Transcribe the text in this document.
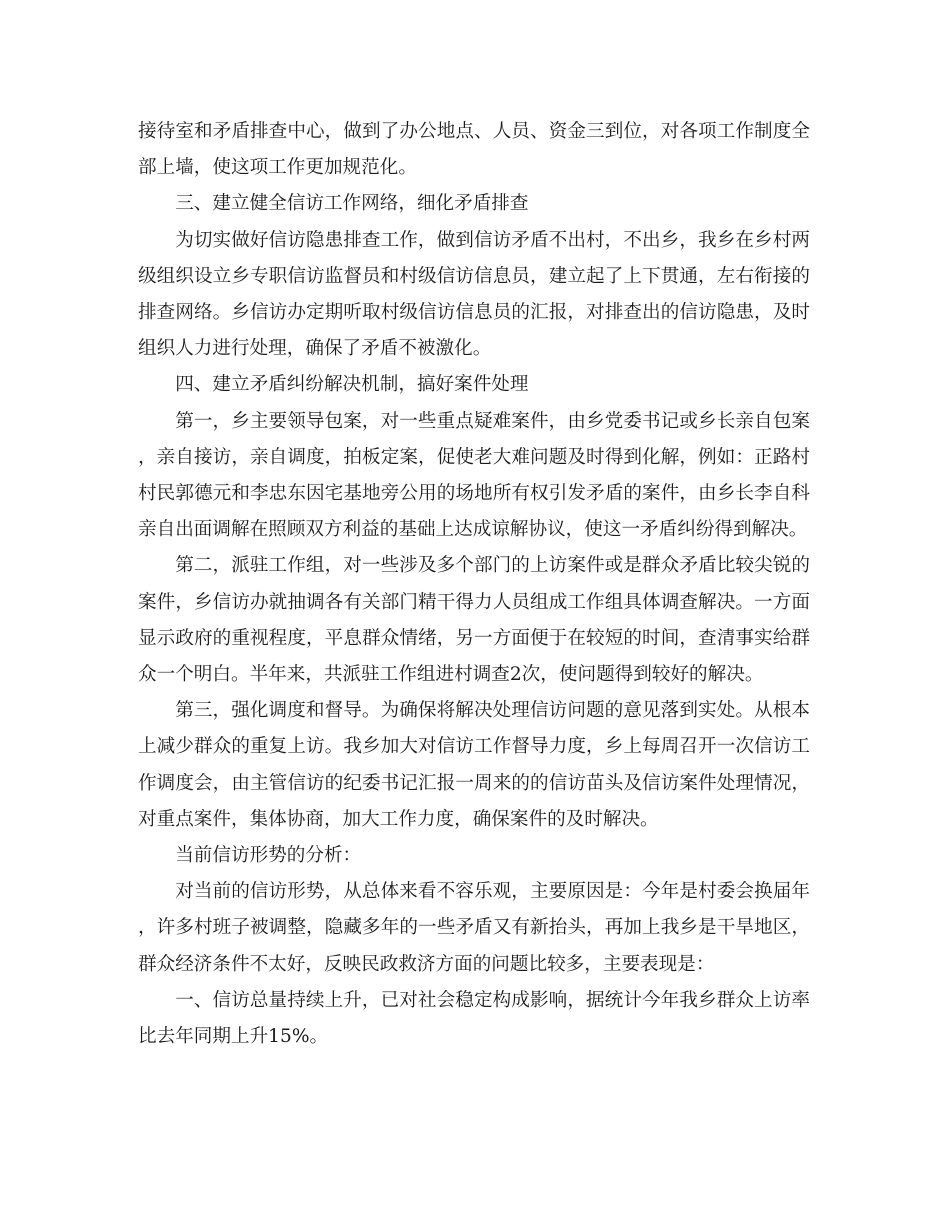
接待室和矛盾排查中心，做到了办公地点、人员、资金三到位，对各项工作制度全部上墙，使这项工作更加规范化。

三、建立健全信访工作网络，细化矛盾排查

为切实做好信访隐患排查工作，做到信访矛盾不出村，不出乡，我乡在乡村两级组织设立乡专职信访监督员和村级信访信息员，建立起了上下贯通，左右衔接的排查网络。乡信访办定期听取村级信访信息员的汇报，对排查出的信访隐患，及时组织人力进行处理，确保了矛盾不被激化。

四、建立矛盾纠纷解决机制，搞好案件处理

第一，乡主要领导包案，对一些重点疑难案件，由乡党委书记或乡长亲自包案，亲自接访，亲自调度，拍板定案，促使老大难问题及时得到化解，例如：正路村村民郭德元和李忠东因宅基地旁公用的场地所有权引发矛盾的案件，由乡长李自科亲自出面调解在照顾双方利益的基础上达成谅解协议，使这一矛盾纠纷得到解决。

第二，派驻工作组，对一些涉及多个部门的上访案件或是群众矛盾比较尖锐的案件，乡信访办就抽调各有关部门精干得力人员组成工作组具体调查解决。一方面显示政府的重视程度，平息群众情绪，另一方面便于在较短的时间，查清事实给群众一个明白。半年来，共派驻工作组进村调查2次，使问题得到较好的解决。

第三，强化调度和督导。为确保将解决处理信访问题的意见落到实处。从根本上减少群众的重复上访。我乡加大对信访工作督导力度，乡上每周召开一次信访工作调度会，由主管信访的纪委书记汇报一周来的的信访苗头及信访案件处理情况，对重点案件，集体协商，加大工作力度，确保案件的及时解决。

当前信访形势的分析：

对当前的信访形势，从总体来看不容乐观，主要原因是：今年是村委会换届年，许多村班子被调整，隐藏多年的一些矛盾又有新抬头，再加上我乡是干旱地区，群众经济条件不太好，反映民政救济方面的问题比较多，主要表现是：

一、信访总量持续上升，已对社会稳定构成影响，据统计今年我乡群众上访率比去年同期上升15%。
